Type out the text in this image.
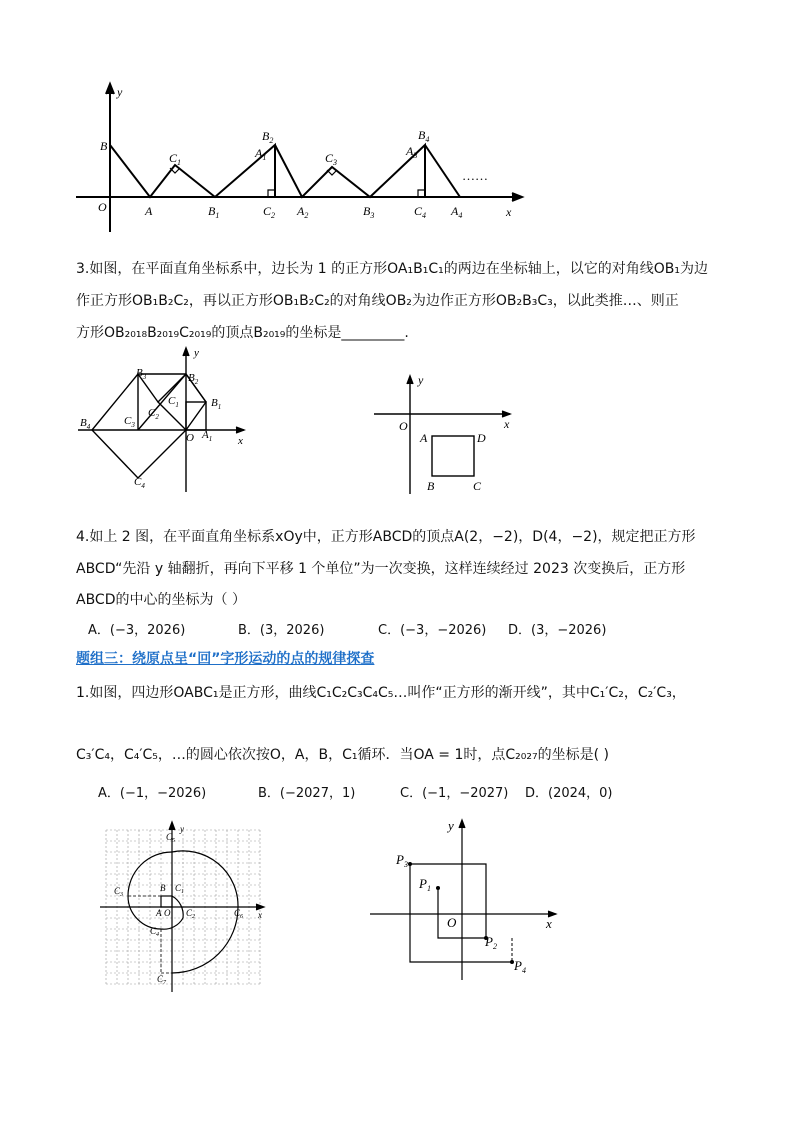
y
x
B
O	A
$C_1$
$B_1$
$B_2$
$A_1$
$C_2$
$C_3$
$A_2$	$B_3$
$B_4$
$A_3$
$C_4$ $A_4$
……
3.如图，在平面直角坐标系中，边长为 1 的正方形OA₁B₁C₁的两边在坐标轴上，以它的对角线OB₁为边
作正方形OB₁B₂C₂，再以正方形OB₁B₂C₂的对角线OB₂为边作正方形OB₂B₃C₃，以此类推…、则正
方形OB₂₀₁₈B₂₀₁₉C₂₀₁₉的顶点B₂₀₁₉的坐标是_________.
y
x
$B_3$	$B_2$
$B_1$
$C_1$
$C_2$
$C_3$
$B_4$
O $A_1$
$C_4$
y
x
O
A	D
B	C
4.如上 2 图，在平面直角坐标系xOy中，正方形ABCD的顶点A(2，−2)，D(4，−2)，规定把正方形
ABCD“先沿 y 轴翻折，再向下平移 1 个单位”为一次变换，这样连续经过 2023 次变换后，正方形
ABCD的中心的坐标为（ ）
A．(−3，2026)	B．(3，2026)	C．(−3，−2026) D．(3，−2026)
题组三：绕原点呈“回”字形运动的点的规律探查
1.如图，四边形OABC₁是正方形，曲线C₁C₂C₃C₄C₅…叫作“正方形的渐开线”，其中C₁′C₂，C₂′C₃，
C₃′C₄，C₄′C₅，…的圆心依次按O，A，B，C₁循环．当OA = 1时，点C₂₀₂₇的坐标是( )
A．(−1，−2026)	B．(−2027，1)	C．(−1，−2027) D．(2024，0)
y
x
$C_5$
B $C_1$
$C_3$
A O $C_2$	$C_6$
$C_4$
$C_7$
y
x
O
$P_1$
$P_2$
$P_3$
$P_4$
